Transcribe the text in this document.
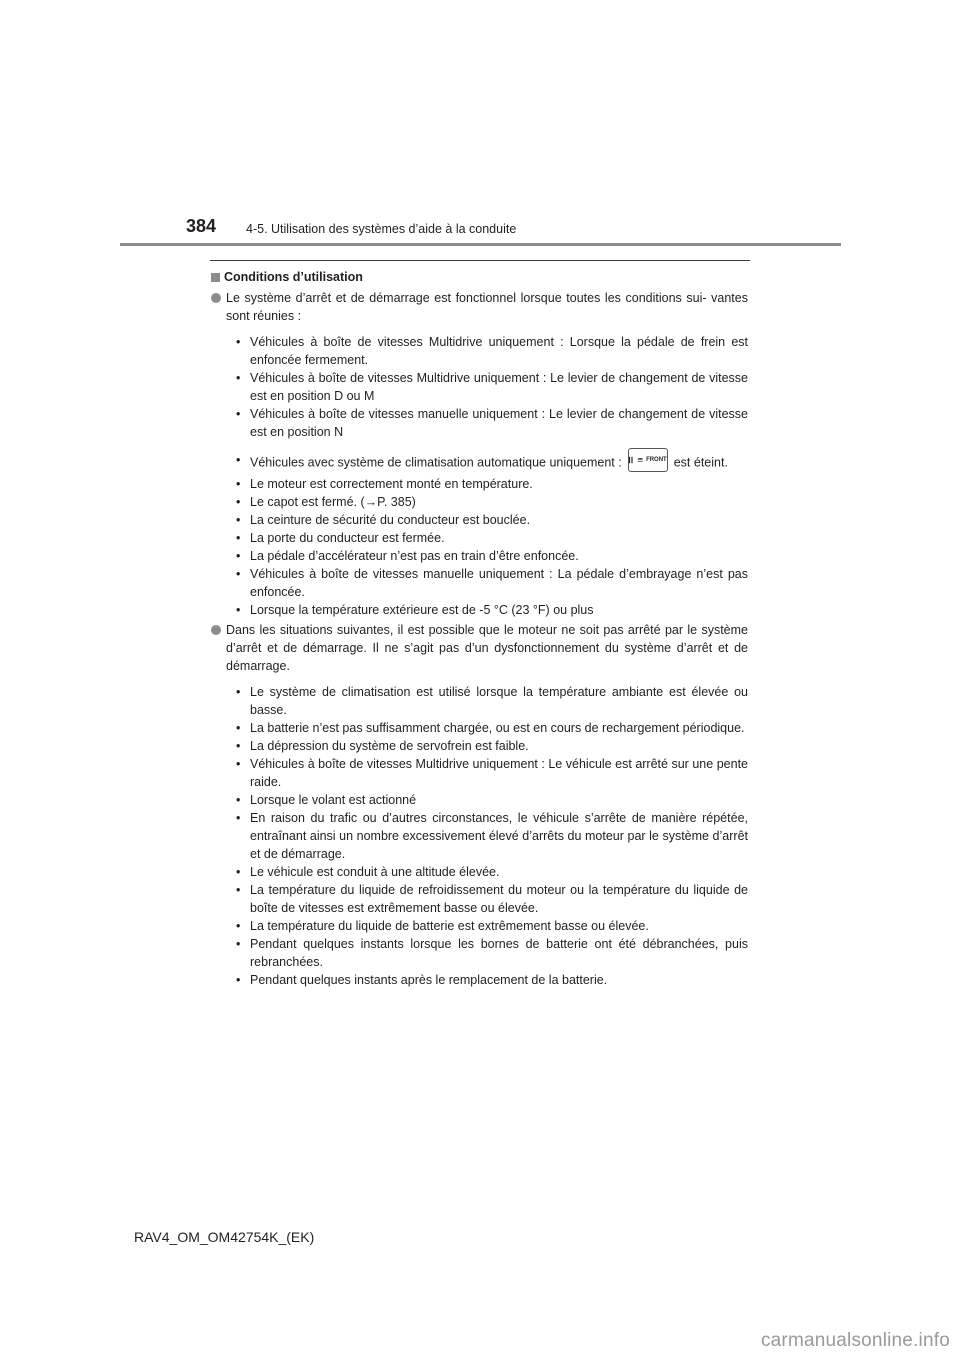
384 4-5. Utilisation des systèmes d’aide à la conduite
Conditions d’utilisation
Le système d’arrêt et de démarrage est fonctionnel lorsque toutes les conditions sui- vantes sont réunies :
• Véhicules à boîte de vitesses Multidrive uniquement : Lorsque la pédale de frein est enfoncée fermement.
• Véhicules à boîte de vitesses Multidrive uniquement : Le levier de changement de vitesse est en position D ou M
• Véhicules à boîte de vitesses manuelle uniquement : Le levier de changement de vitesse est en position N
• Véhicules avec système de climatisation automatique uniquement :	FRONT est éteint.
• Le moteur est correctement monté en température.
• Le capot est fermé. (→P. 385)
• La ceinture de sécurité du conducteur est bouclée.
• La porte du conducteur est fermée.
• La pédale d’accélérateur n’est pas en train d’être enfoncée.
• Véhicules à boîte de vitesses manuelle uniquement : La pédale d’embrayage n’est pas enfoncée.
• Lorsque la température extérieure est de -5 °C (23 °F) ou plus
Dans les situations suivantes, il est possible que le moteur ne soit pas arrêté par le système d’arrêt et de démarrage. Il ne s’agit pas d’un dysfonctionnement du système d’arrêt et de démarrage.
• Le système de climatisation est utilisé lorsque la température ambiante est élevée ou basse.
• La batterie n’est pas suffisamment chargée, ou est en cours de rechargement périodique.
• La dépression du système de servofrein est faible.
• Véhicules à boîte de vitesses Multidrive uniquement : Le véhicule est arrêté sur une pente raide.
• Lorsque le volant est actionné
• En raison du trafic ou d’autres circonstances, le véhicule s’arrête de manière répétée, entraînant ainsi un nombre excessivement élevé d’arrêts du moteur par le système d’arrêt et de démarrage.
• Le véhicule est conduit à une altitude élevée.
• La température du liquide de refroidissement du moteur ou la température du liquide de boîte de vitesses est extrêmement basse ou élevée.
• La température du liquide de batterie est extrêmement basse ou élevée.
• Pendant quelques instants lorsque les bornes de batterie ont été débranchées, puis rebranchées.
• Pendant quelques instants après le remplacement de la batterie.
RAV4_OM_OM42754K_(EK)
carmanualsonline.info
